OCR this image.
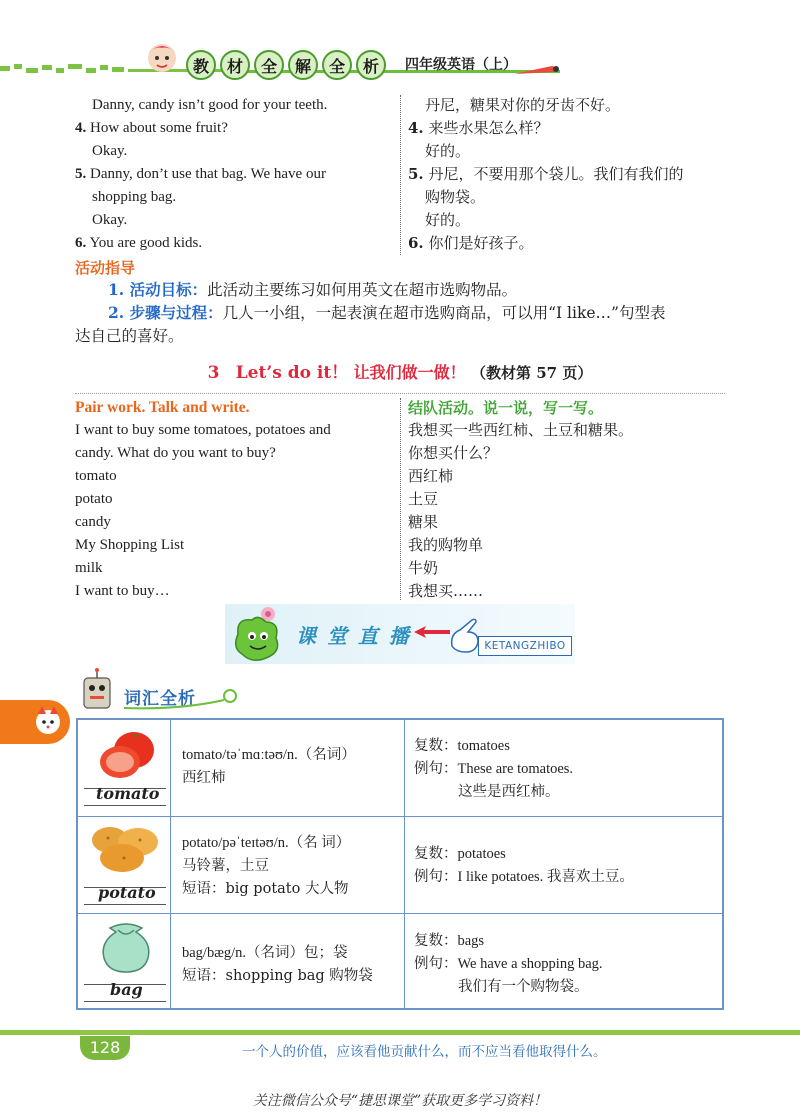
教	材	全	解	全	析	四年级英语（上）
Danny, candy isn’t good for your teeth.
4. How about some fruit?
Okay.
5. Danny, don’t use that bag. We have our
shopping bag.
Okay.
6. You are good kids.
丹尼，糖果对你的牙齿不好。
4. 来些水果怎么样？
好的。
5. 丹尼，不要用那个袋儿。我们有我们的
购物袋。
好的。
6. 你们是好孩子。
活动指导
1. 活动目标：此活动主要练习如何用英文在超市选购物品。
2. 步骤与过程：几人一小组，一起表演在超市选购商品，可以用“I like…”句型表
达自己的喜好。
3 Let’s do it！ 让我们做一做！ （教材第 57 页）
Pair work. Talk and write.	结队活动。说一说，写一写。
I want to buy some tomatoes, potatoes and
candy. What do you want to buy?
tomato
potato
candy
My Shopping List
milk
I want to buy…
我想买一些西红柿、土豆和糖果。
你想买什么？
西红柿
土豆
糖果
我的购物单
牛奶
我想买……
课 堂 直 播	KETANGZHIBO
词汇全析
tomato
tomato/təˈmɑːtəʊ/n.（名词）
西红柿
复数：tomatoes
例句：These are tomatoes.
这些是西红柿。
potato
potato/pəˈteɪtəʊ/n.（名 词）
马铃薯，土豆
短语：big potato 大人物
复数：potatoes
例句：I like potatoes. 我喜欢土豆。
bag
bag/bæg/n.（名词）包；袋
短语：shopping bag 购物袋
复数：bags
例句：We have a shopping bag.
我们有一个购物袋。
128	一个人的价值，应该看他贡献什么，而不应当看他取得什么。
关注微信公众号“捷思课堂”获取更多学习资料！
